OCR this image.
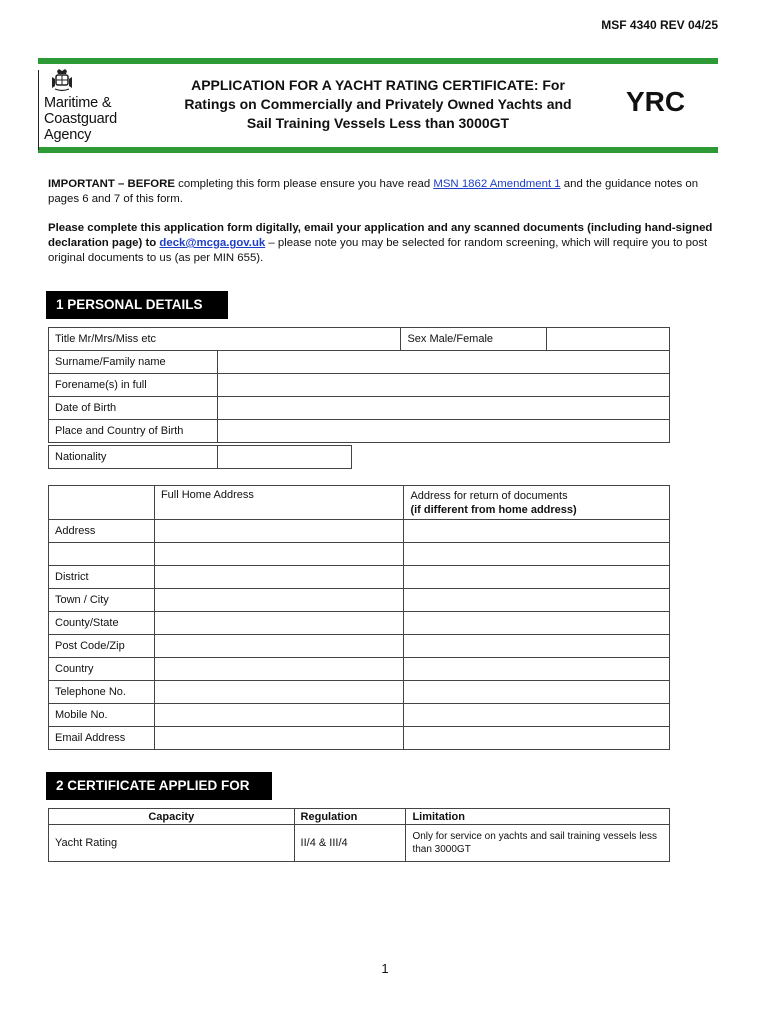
MSF 4340 REV 04/25
Maritime &
Coastguard
Agency
APPLICATION FOR A YACHT RATING CERTIFICATE: For
Ratings on Commercially and Privately Owned Yachts and
Sail Training Vessels Less than 3000GT
YRC
IMPORTANT – BEFORE completing this form please ensure you have read MSN 1862 Amendment 1 and the guidance notes on pages 6 and 7 of this form.
Please complete this application form digitally, email your application and any scanned documents (including hand-signed declaration page) to deck@mcga.gov.uk – please note you may be selected for random screening, which will require you to post original documents to us (as per MIN 655).
1 PERSONAL DETAILS
Title Mr/Mrs/Miss etc		Sex Male/Female	
Surname/Family name			
Forename(s) in full			
Date of Birth			
Place and Country of Birth			
Nationality	
	Full Home Address	Address for return of documents
(if different from home address)

Address		

District		
Town / City		
County/State		
Post Code/Zip		
Country		
Telephone No.		
Mobile No.		
Email Address		
2 CERTIFICATE APPLIED FOR
Capacity	Regulation	Limitation
Yacht Rating	II/4 & III/4	Only for service on yachts and sail training vessels less than 3000GT
1
